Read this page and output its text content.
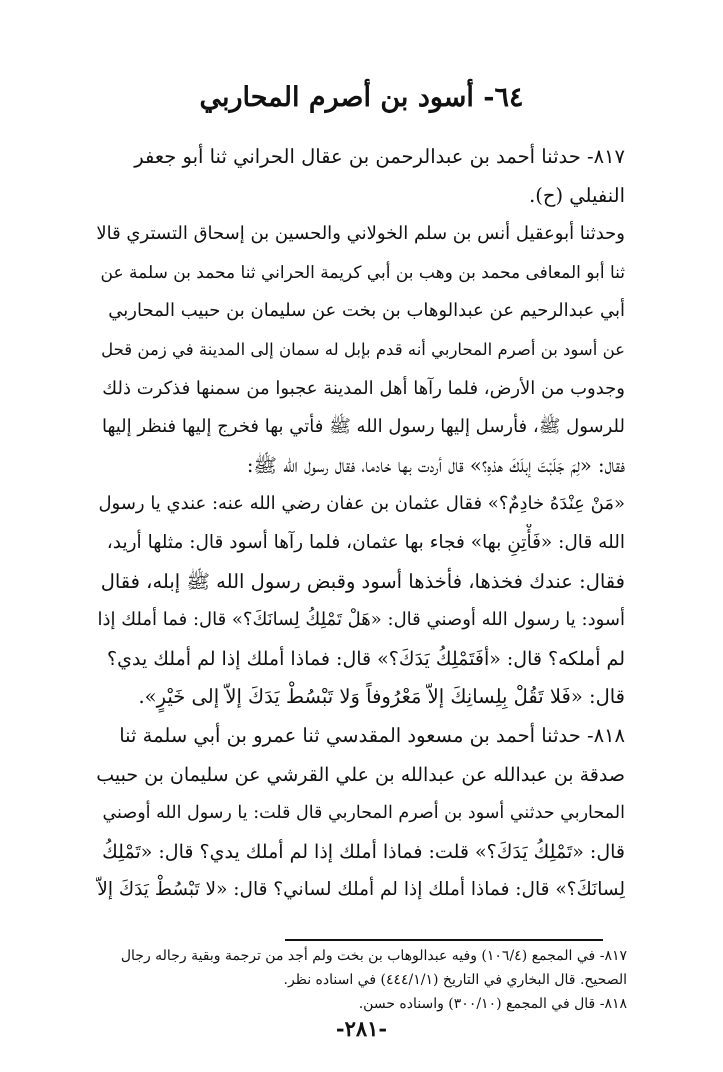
٦٤- أسود بن أصرم المحاربي
٨١٧- حدثنا أحمد بن عبدالرحمن بن عقال الحراني ثنا أبو جعفر
النفيلي (ح).
وحدثنا أبوعقيل أنس بن سلم الخولاني والحسين بن إسحاق التستري قالا
ثنا أبو المعافى محمد بن وهب بن أبي كريمة الحراني ثنا محمد بن سلمة عن
أبي عبدالرحيم عن عبدالوهاب بن بخت عن سليمان بن حبيب المحاربي
عن أسود بن أصرم المحاربي أنه قدم بإبل له سمان إلى المدينة في زمن قحل
وجدوب من الأرض، فلما رآها أهل المدينة عجبوا من سمنها فذكرت ذلك
للرسول ﷺ، فأرسل إليها رسول الله ﷺ فأتي بها فخرج إليها فنظر إليها
فقال: «لِمَ جَلَبْتَ إبلَكَ هذهِ؟» قال أردت بها خادما، فقال رسول الله ﷺ:
«مَنْ عِنْدَهُ خادِمٌ؟» فقال عثمان بن عفان رضي الله عنه: عندي يا رسول
الله قال: «فَأْتِنِ بها» فجاء بها عثمان، فلما رآها أسود قال: مثلها أريد،
فقال: عندك فخذها، فأخذها أسود وقبض رسول الله ﷺ إبله، فقال
أسود: يا رسول الله أوصني قال: «هَلْ تَمْلِكُ لِسانَكَ؟» قال: فما أملك إذا
لم أملكه؟ قال: «أفَتَمْلِكُ يَدَكَ؟» قال: فماذا أملك إذا لم أملك يدي؟
قال: «فَلا تَقُلْ بِلِسانِكَ إلاّ مَعْرُوفاً وَلا تَبْسُطْ يَدَكَ إلاّ إلى خَيْرٍ».
٨١٨- حدثنا أحمد بن مسعود المقدسي ثنا عمرو بن أبي سلمة ثنا
صدقة بن عبدالله عن عبدالله بن علي القرشي عن سليمان بن حبيب
المحاربي حدثني أسود بن أصرم المحاربي قال قلت: يا رسول الله أوصني
قال: «تَمْلِكُ يَدَكَ؟» قلت: فماذا أملك إذا لم أملك يدي؟ قال: «تَمْلِكُ
لِسانَكَ؟» قال: فماذا أملك إذا لم أملك لساني؟ قال: «لا تَبْسُطْ يَدَكَ إلاّ
٨١٧- في المجمع (١٠٦/٤) وفيه عبدالوهاب بن بخت ولم أجد من ترجمة وبقية رجاله رجال
الصحيح. قال البخاري في التاريخ (٤٤٤/١/١) في اسناده نظر.
٨١٨- قال في المجمع (٣٠٠/١٠) واسناده حسن.
-٢٨١-
